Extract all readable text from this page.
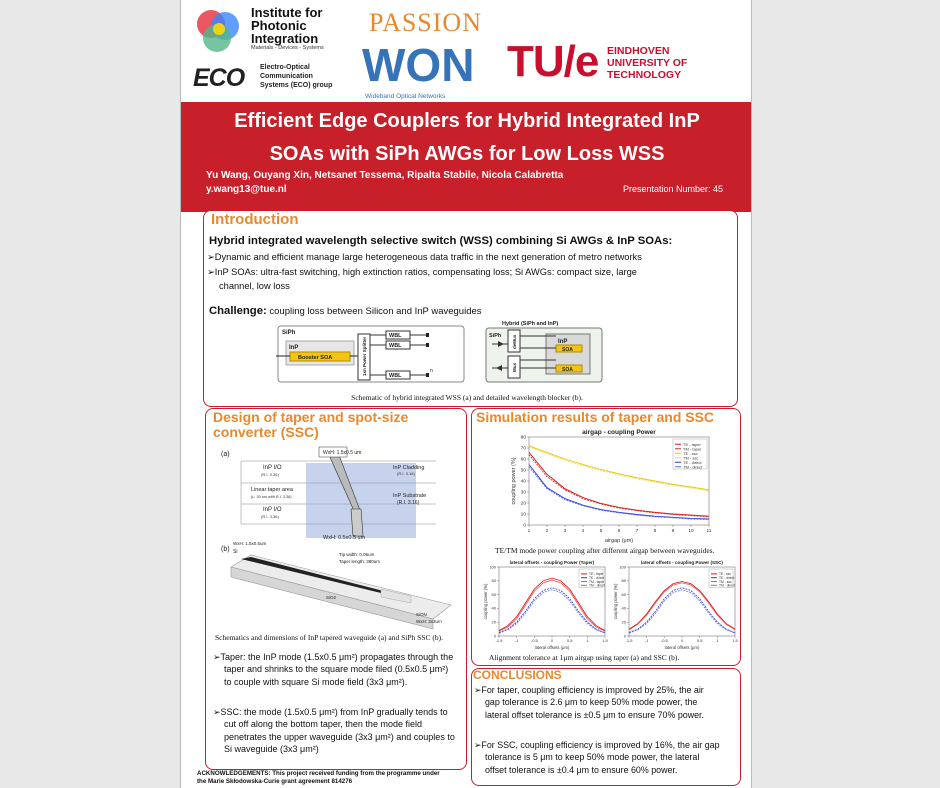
Institute for
Photonic
Integration
Materials - Devices - Systems
ECO Electro-Optical
Communication
Systems (ECO) group
PASSION
WON
Wideband Optical Networks
TU/e EINDHOVEN
UNIVERSITY OF
TECHNOLOGY
Efficient Edge Couplers for Hybrid Integrated InP
SOAs with SiPh AWGs for Low Loss WSS
Yu Wang, Ouyang Xin, Netsanet Tessema, Ripalta Stabile, Nicola Calabretta
y.wang13@tue.nl	Presentation Number: 45
Introduction
Hybrid integrated wavelength selective switch (WSS) combining Si AWGs & InP SOAs:
➢Dynamic and efficient manage large heterogeneous data traffic in the next generation of metro networks
➢InP SOAs: ultra-fast switching, high extinction ratios, compensating loss; Si AWGs: compact size, large
channel, low loss
Challenge: coupling loss between Silicon and InP waveguides
SiPh
InP
Booster SOA	1xn Power Splitter
WBL
WBL
WBL
n
Hybrid (SiPh and InP)
SiPh deMux
Mux
InP
SOA
SOA
Schematic of hybrid integrated WSS (a) and detailed wavelength blocker (b).
Design of taper and spot-size
converter (SSC)
(a)
InP I/O
(R.I. 3.36)
Linear taper area
(L: 30 um with R.I. 3.36)
InP I/O
(R.I. 3.36)
WxH: 1.5x0.5 um
InP Cladding
(R.I. 3.16)
InP Substrate
(R.I. 3.16)
WxH: 0.5x0.5 um
(b)
WxH: 1.5x0.5um
Si	Tip width: 0.06um
Taper length: 380um
SiO2
SiON
WxH: 3x3um
Schematics and dimensions of InP tapered waveguide (a) and SiPh SSC (b).
➢Taper: the InP mode (1.5x0.5 μm²) propagates through the
taper and shrinks to the square mode filed (0.5x0.5 μm²)
to couple with square Si mode field (3x3 μm²).
➢SSC: the mode (1.5x0.5 μm²) from InP gradually tends to
cut off along the bottom taper, then the mode field
penetrates the upper waveguide (3x3 μm²) and couples to
Si waveguide (3x3 μm²)
ACKNOWLEDGEMENTS: This project received funding from the programme under
the Marie Skłodowska-Curie grant agreement 814276
Simulation results of taper and SSC
airgap - coupling Power
airgap (μm)
coupling power (%)
1	2	3	4	5	6	7	8	9	10	11
0
10
20
30
40
50
60
70
80
TE - taper
TM - taper
TE - ssc
TM - ssc
TE - direct
TM - direct
TE/TM mode power coupling after different airgap between waveguides.
lateral offsets - coupling Power (Taper)
lateral offsets (μm)
coupling power (%)
-1.5	-1	-0.5	0	0.5	1	1.5
0
20
40
60
80
100
TE - taper
TE - direct
TM - taper
TM - direct
lateral offsets - coupling Power (SSC)
lateral offsets (μm)
coupling power (%)
-1.5	-1	-0.5	0	0.5	1	1.5
0
20
40
60
80
100
TE - ssc
TE - direct
TM - ssc
TM - direct
Alignment tolerance at 1μm airgap using taper (a) and SSC (b).
CONCLUSIONS
➢For taper, coupling efficiency is improved by 25%, the air
gap tolerance is 2.6 μm to keep 50% mode power, the
lateral offset tolerance is ±0.5 μm to ensure 70% power.
➢For SSC, coupling efficiency is improved by 16%, the air gap
tolerance is 5 μm to keep 50% mode power, the lateral
offset tolerance is ±0.4 μm to ensure 60% power.
